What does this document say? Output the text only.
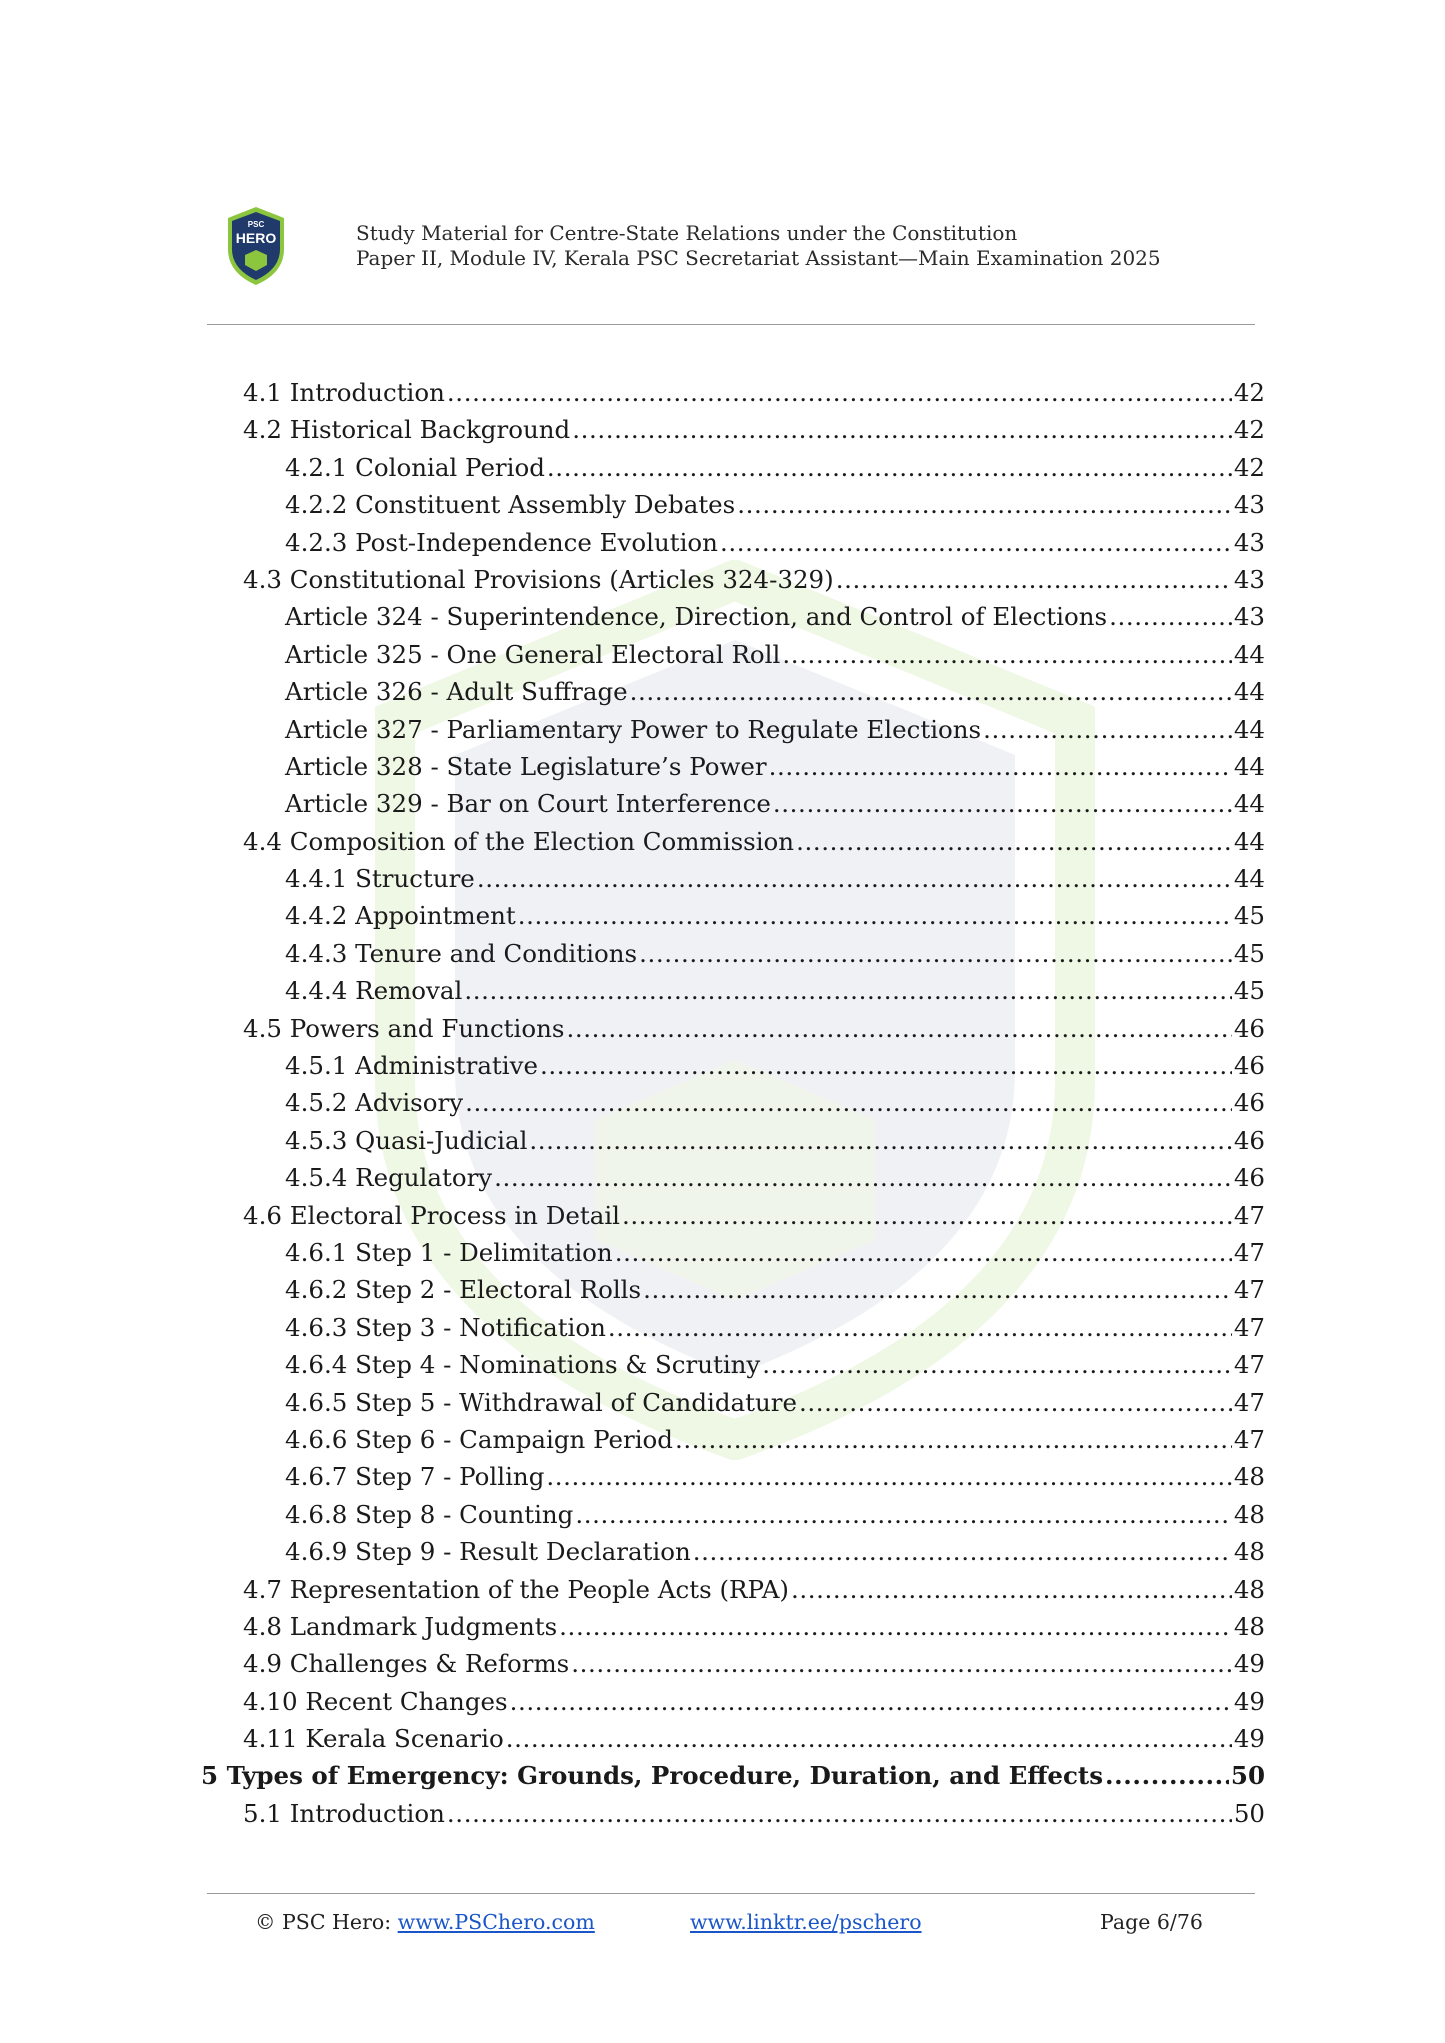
PSC
HERO	Study Material for Centre-State Relations under the Constitution
Paper II, Module IV, Kerala PSC Secretariat Assistant—Main Examination 2025
4.1 Introduction .....	42
4.2 Historical Background .....	42
4.2.1 Colonial Period .....	42
4.2.2 Constituent Assembly Debates .....	43
4.2.3 Post-Independence Evolution .....	43
4.3 Constitutional Provisions (Articles 324-329) .....	43
Article 324 - Superintendence, Direction, and Control of Elections .....	43
Article 325 - One General Electoral Roll .....	44
Article 326 - Adult Suffrage .....	44
Article 327 - Parliamentary Power to Regulate Elections .....	44
Article 328 - State Legislature’s Power .....	44
Article 329 - Bar on Court Interference .....	44
4.4 Composition of the Election Commission .....	44
4.4.1 Structure .....	44
4.4.2 Appointment .....	45
4.4.3 Tenure and Conditions .....	45
4.4.4 Removal .....	45
4.5 Powers and Functions .....	46
4.5.1 Administrative .....	46
4.5.2 Advisory .....	46
4.5.3 Quasi-Judicial .....	46
4.5.4 Regulatory .....	46
4.6 Electoral Process in Detail .....	47
4.6.1 Step 1 - Delimitation .....	47
4.6.2 Step 2 - Electoral Rolls .....	47
4.6.3 Step 3 - Notification .....	47
4.6.4 Step 4 - Nominations & Scrutiny .....	47
4.6.5 Step 5 - Withdrawal of Candidature .....	47
4.6.6 Step 6 - Campaign Period .....	47
4.6.7 Step 7 - Polling .....	48
4.6.8 Step 8 - Counting .....	48
4.6.9 Step 9 - Result Declaration .....	48
4.7 Representation of the People Acts (RPA) .....	48
4.8 Landmark Judgments .....	48
4.9 Challenges & Reforms .....	49
4.10 Recent Changes .....	49
4.11 Kerala Scenario .....	49
5 Types of Emergency: Grounds, Procedure, Duration, and Effects .....	50
5.1 Introduction .....	50
© PSC Hero: www.PSChero.com	www.linktr.ee/pschero	Page 6/76
